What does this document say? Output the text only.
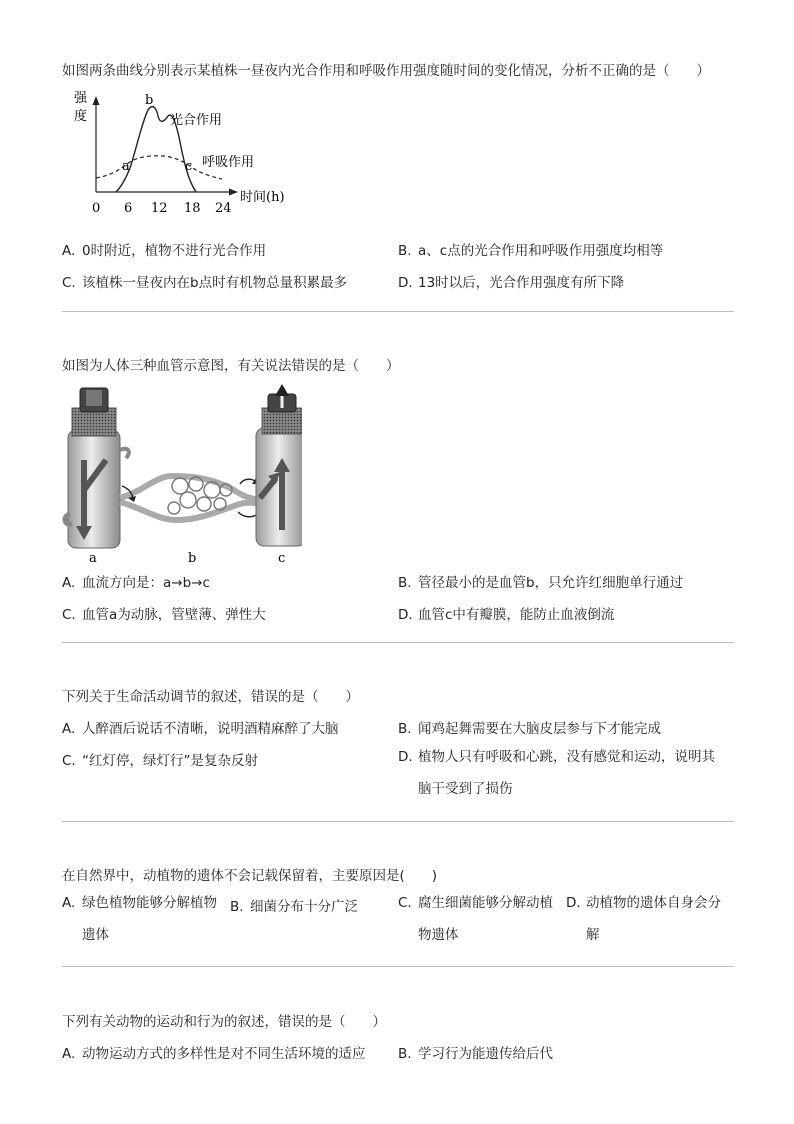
如图两条曲线分别表示某植株一昼夜内光合作用和呼吸作用强度随时间的变化情况，分析不正确的是（　　）
强
度
时间(h)
0 6 12 18 24
a
b
c
光合作用
呼吸作用
A. 0时附近，植物不进行光合作用	B. a、c点的光合作用和呼吸作用强度均相等
C. 该植株一昼夜内在b点时有机物总量积累最多	D. 13时以后，光合作用强度有所下降
如图为人体三种血管示意图，有关说法错误的是（　　）
a	b	c
A. 血流方向是：a→b→c	B. 管径最小的是血管b，只允许红细胞单行通过
C. 血管a为动脉，管壁薄、弹性大	D. 血管c中有瓣膜，能防止血液倒流
下列关于生命活动调节的叙述，错误的是（　　）
A. 人醉酒后说话不清晰，说明酒精麻醉了大脑	B. 闻鸡起舞需要在大脑皮层参与下才能完成
C. “红灯停，绿灯行”是复杂反射	D. 植物人只有呼吸和心跳，没有感觉和运动，说明其脑干受到了损伤
在自然界中，动植物的遗体不会记载保留着，主要原因是(　　)
A. 绿色植物能够分解植物遗体
B. 细菌分布十分广泛	C. 腐生细菌能够分解动植物遗体
D. 动植物的遗体自身会分解
下列有关动物的运动和行为的叙述，错误的是（　　）
A. 动物运动方式的多样性是对不同生活环境的适应 B. 学习行为能遗传给后代
